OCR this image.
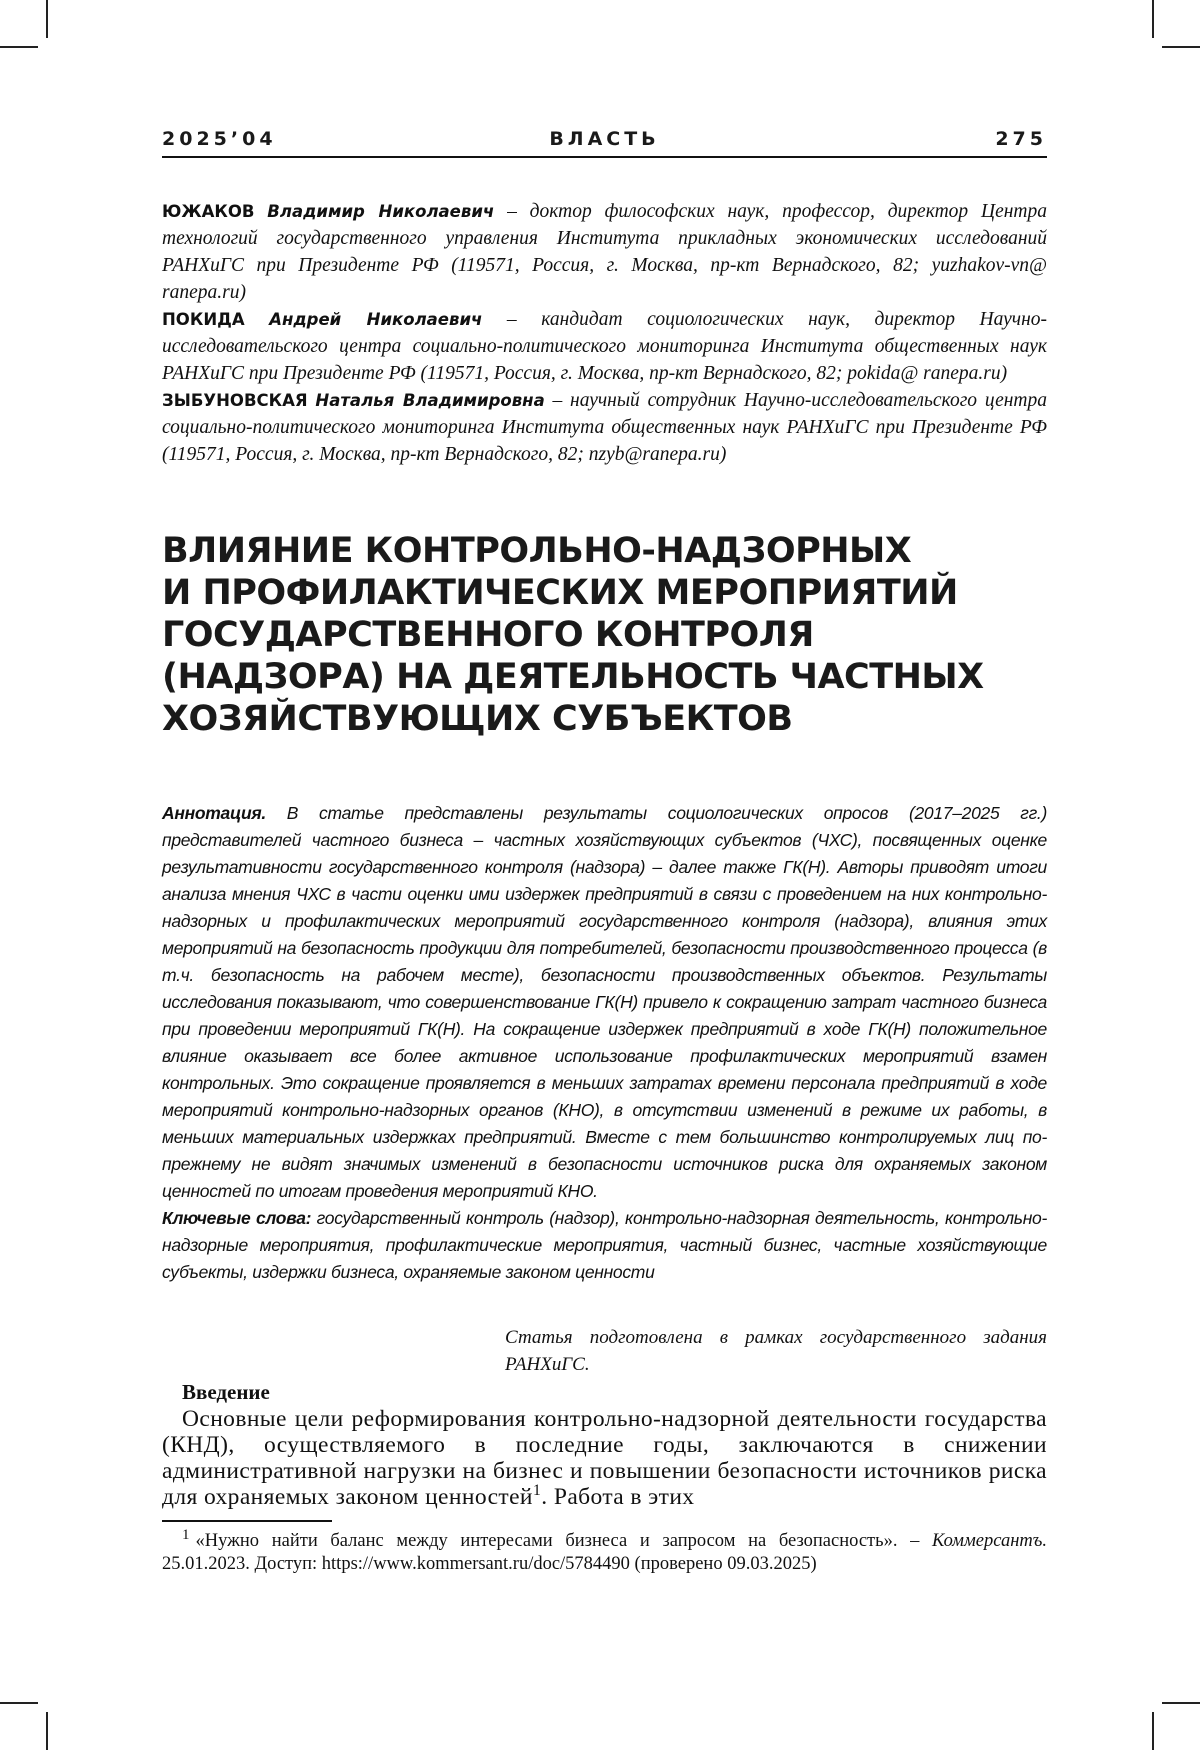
2025’04	ВЛАСТЬ	275

ЮЖАКОВ Владимир Николаевич – доктор философских наук, профессор, директор Центра технологий государственного управления Института прикладных экономических исследований РАНХиГС при Президенте РФ (119571, Россия, г. Москва, пр-кт Вернадского, 82; yuzhakov-vn@ ranepa.ru)

ПОКИДА Андрей Николаевич – кандидат социологических наук, директор Научно-исследовательского центра социально-политического мониторинга Института общественных наук РАНХиГС при Президенте РФ (119571, Россия, г. Москва, пр-кт Вернадского, 82; pokida@ ranepa.ru)

ЗЫБУНОВСКАЯ Наталья Владимировна – научный сотрудник Научно-исследовательского центра социально-политического мониторинга Института общественных наук РАНХиГС при Президенте РФ (119571, Россия, г. Москва, пр-кт Вернадского, 82; nzyb@ranepa.ru)

ВЛИЯНИЕ КОНТРОЛЬНО-НАДЗОРНЫХ
И ПРОФИЛАКТИЧЕСКИХ МЕРОПРИЯТИЙ
ГОСУДАРСТВЕННОГО КОНТРОЛЯ
(НАДЗОРА) НА ДЕЯТЕЛЬНОСТЬ ЧАСТНЫХ
ХОЗЯЙСТВУЮЩИХ СУБЪЕКТОВ

Аннотация. В статье представлены результаты социологических опросов (2017–2025 гг.) представителей частного бизнеса – частных хозяйствующих субъектов (ЧХС), посвященных оценке результативности государственного контроля (надзора) – далее также ГК(Н). Авторы приводят итоги анализа мнения ЧХС в части оценки ими издержек предприятий в связи с проведением на них контрольно-надзорных и профилактических мероприятий государственного контроля (надзора), влияния этих мероприятий на безопасность продукции для потребителей, безопасности производственного процесса (в т.ч. безопасность на рабочем месте), безопасности производственных объектов. Результаты исследования показывают, что совершенствование ГК(Н) привело к сокращению затрат частного бизнеса при проведении мероприятий ГК(Н). На сокращение издержек предприятий в ходе ГК(Н) положительное влияние оказывает все более активное использование профилактических мероприятий взамен контрольных. Это сокращение проявляется в меньших затратах времени персонала предприятий в ходе мероприятий контрольно-надзорных органов (КНО), в отсутствии изменений в режиме их работы, в меньших материальных издержках предприятий. Вместе с тем большинство контролируемых лиц по-прежнему не видят значимых изменений в безопасности источников риска для охраняемых законом ценностей по итогам проведения мероприятий КНО.

Ключевые слова: государственный контроль (надзор), контрольно-надзорная деятельность, контрольно-надзорные мероприятия, профилактические мероприятия, частный бизнес, частные хозяйствующие субъекты, издержки бизнеса, охраняемые законом ценности

Статья подготовлена в рамках государственного задания РАНХиГС.
Введение

Основные цели реформирования контрольно-надзорной деятельности государства (КНД), осуществляемого в последние годы, заключаются в снижении административной нагрузки на бизнес и повышении безопасности источников риска для охраняемых законом ценностей1. Работа в этих

1 «Нужно найти баланс между интересами бизнеса и запросом на безопасность». – Коммерсантъ. 25.01.2023. Доступ: https://www.kommersant.ru/doc/5784490 (проверено 09.03.2025)
